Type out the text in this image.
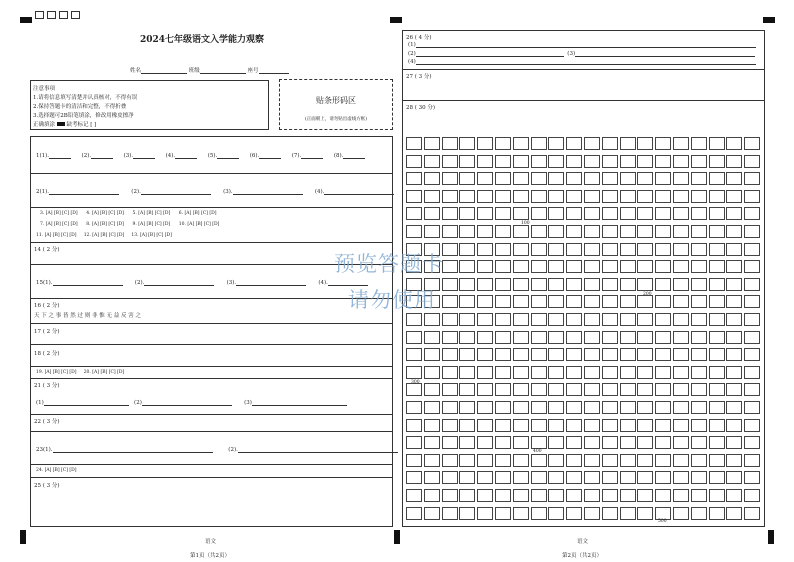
2024七年级语文入学能力观察
姓名	班级	座号
注意事项
1.请将信息填写清楚并认真核对，不得有误
2.保持答题卡的清洁和完整，不得折叠
3.选择题可2B铅笔填涂，修改用橡皮擦净
正确填涂 缺考标记 [ ]
贴条形码区
(正面朝上，请勿贴出虚线方框)
1(1).	(2).	(3).	(4).	(5).	(6).	(7).	(8).
2(1).	(2).	(3).	(4).
3. [A] [B] [C] [D] 4. [A] [B] [C] [D] 5. [A] [B] [C] [D] 6. [A] [B] [C] [D]
7. [A] [B] [C] [D] 8. [A] [B] [C] [D] 9. [A] [B] [C] [D] 10. [A] [B] [C] [D]
11. [A] [B] [C] [D] 12. [A] [B] [C] [D] 13. [A] [B] [C] [D]
14 ( 2 分)
15(1).	(2).	(3).	(4).
16 ( 2 分)
天 下 之 事 皆 然 过 则 非 惟 无 益 反 害 之
17 ( 2 分)
18 ( 2 分)
19. [A] [B] [C] [D] 20. [A] [B] [C] [D]
21 ( 3 分)
(1)	(2)	(3)
22 ( 3 分)
23(1).	(2).
24. [A] [B] [C] [D]
25 ( 3 分)
语文
第1页（共2页）
26 ( 4 分)
(1)
(2)	(3)
(4)
27 ( 3 分)
28 ( 30 分)
100
200
300
400
500
语文
第2页（共2页）
预览答题卡
请勿使用
